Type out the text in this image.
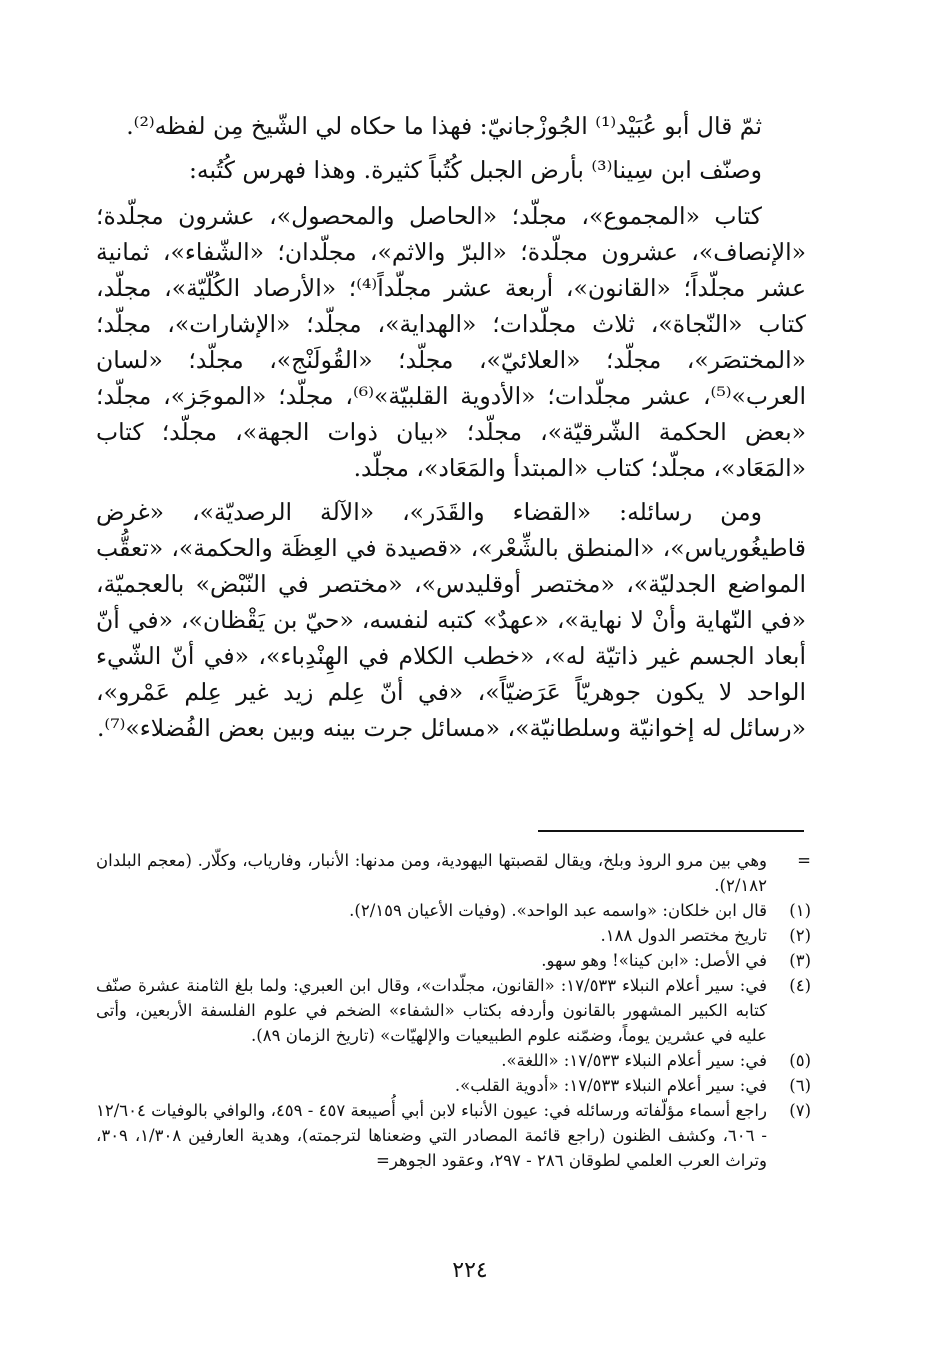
ثمّ قال أبو عُبَيْد⁽¹⁾ الجُوزْجانيّ: فهذا ما حكاه لي الشّيخ مِن لفظه⁽²⁾.

وصنّف ابن سِينا⁽³⁾ بأرض الجبل كُتُباً كثيرة. وهذا فهرس كُتُبه:

كتاب «المجموع»، مجلّد؛ «الحاصل والمحصول»، عشرون مجلّدة؛ «الإنصاف»، عشرون مجلّدة؛ «البرّ والاثم»، مجلّدان؛ «الشّفاء»، ثمانية عشر مجلّداً؛ «القانون»، أربعة عشر مجلّداً⁽⁴⁾؛ «الأرصاد الكُلّيّة»، مجلّد، كتاب «النّجاة»، ثلاث مجلّدات؛ «الهداية»، مجلّد؛ «الإشارات»، مجلّد؛ «المختصَر»، مجلّد؛ «العلائيّ»، مجلّد؛ «القُولَنْج»، مجلّد؛ «لسان العرب»⁽⁵⁾، عشر مجلّدات؛ «الأدوية القلبيّة»⁽⁶⁾، مجلّد؛ «الموجَز»، مجلّد؛ «بعض الحكمة الشّرقيّة»، مجلّد؛ «بيان ذوات الجهة»، مجلّد؛ كتاب «المَعَاد»، مجلّد؛ كتاب «المبتدأ والمَعَاد»، مجلّد.

ومن رسائله: «القضاء والقَدَر»، «الآلة الرصديّة»، «غرض قاطيغُورياس»، «المنطق بالشِّعْر»، «قصيدة في العِظَة والحكمة»، «تعقُّب المواضع الجدليّة»، «مختصر أوقليدس»، «مختصر في النّبْض» بالعجميّة، «في النّهاية وأنْ لا نهاية»، «عهدٌ» كتبه لنفسه، «حيّ بن يَقْظان»، «في أنّ أبعاد الجسم غير ذاتيّة له»، «خطب الكلام في الهِنْدِباء»، «في أنّ الشّيء الواحد لا يكون جوهريّاً عَرَضيّاً»، «في أنّ عِلم زيد غير عِلم عَمْرو»، «رسائل له إخوانيّة وسلطانيّة»، «مسائل جرت بينه وبين بعض الفُضلاء»⁽⁷⁾.

=
وهي بين مرو الروذ وبلخ، ويقال لقصبتها اليهودية، ومن مدنها: الأنبار، وفارياب، وكلّار. (معجم البلدان ٢/١٨٢).
(١)
قال ابن خلكان: «واسمه عبد الواحد». (وفيات الأعيان ٢/١٥٩).
(٢)
تاريخ مختصر الدول ١٨٨.
(٣)
في الأصل: «ابن كينا»! وهو سهو.
(٤)
في: سير أعلام النبلاء ١٧/٥٣٣: «القانون، مجلّدات»، وقال ابن العبري: ولما بلغ الثامنة عشرة صنّف كتابه الكبير المشهور بالقانون وأردفه بكتاب «الشفاء» الضخم في علوم الفلسفة الأربعين، وأتى عليه في عشرين يوماً، وضمّنه علوم الطبيعيات والإلهيّات» (تاريخ الزمان ٨٩).
(٥)
في: سير أعلام النبلاء ١٧/٥٣٣: «اللغة».
(٦)
في: سير أعلام النبلاء ١٧/٥٣٣: «أدوية القلب».
(٧)
راجع أسماء مؤلّفاته ورسائله في: عيون الأنباء لابن أبي أُصيبعة ٤٥٧ - ٤٥٩، والوافي بالوفيات ١٢/٦٠٤ - ٦٠٦، وكشف الظنون (راجع قائمة المصادر التي وضعناها لترجمته)، وهدية العارفين ١/٣٠٨، ٣٠٩، وتراث العرب العلمي لطوقان ٢٨٦ - ٢٩٧، وعقود الجوهر=
٢٢٤
